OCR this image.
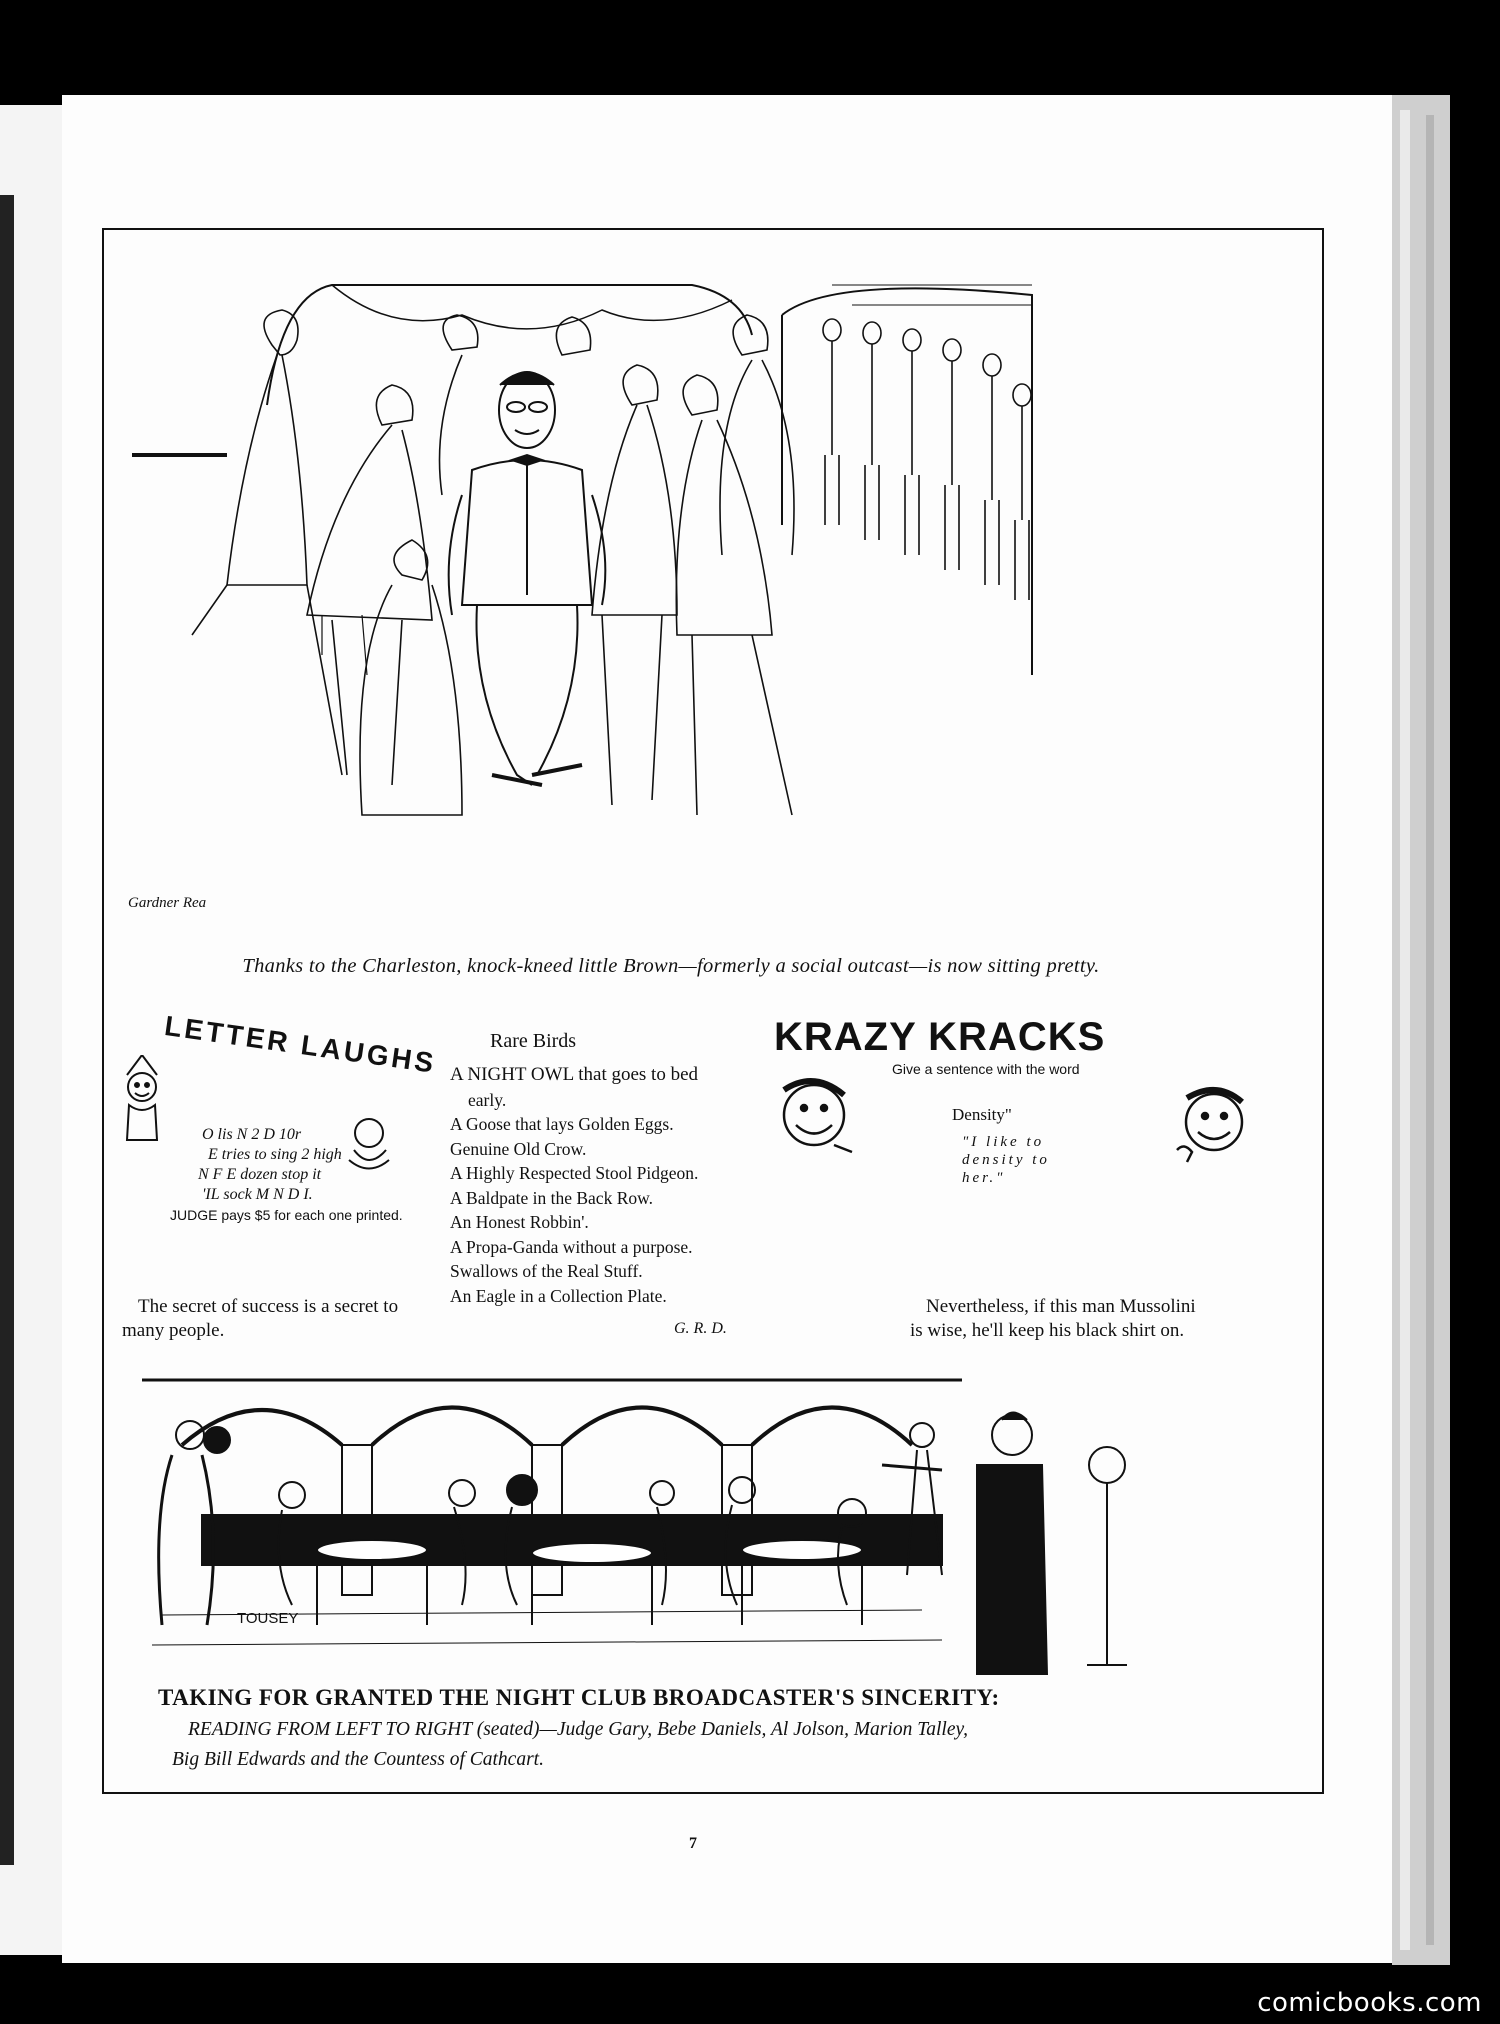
Gardner Rea
Thanks to the Charleston, knock-kneed little Brown—formerly a social outcast—is now sitting pretty.
LETTER LAUGHS
O lis N 2 D 10r
E tries to sing 2 high
N F E dozen stop it
'IL sock M N D I.
JUDGE pays $5 for each one printed.
The secret of success is a secret to
many people.
Rare Birds
A NIGHT OWL that goes to bed
early.
A Goose that lays Golden Eggs.
Genuine Old Crow.
A Highly Respected Stool Pidgeon.
A Baldpate in the Back Row.
An Honest Robbin'.
A Propa-Ganda without a purpose.
Swallows of the Real Stuff.
An Eagle in a Collection Plate.
G. R. D.
KRAZY KRACKS
Give a sentence with the word
Density"
"I like to density to her."
Nevertheless, if this man Mussolini
is wise, he'll keep his black shirt on.
TOUSEY
TAKING FOR GRANTED THE NIGHT CLUB BROADCASTER'S SINCERITY:
READING FROM LEFT TO RIGHT (seated)—Judge Gary, Bebe Daniels, Al Jolson, Marion Talley,
Big Bill Edwards and the Countess of Cathcart.
7
comicbooks.com
